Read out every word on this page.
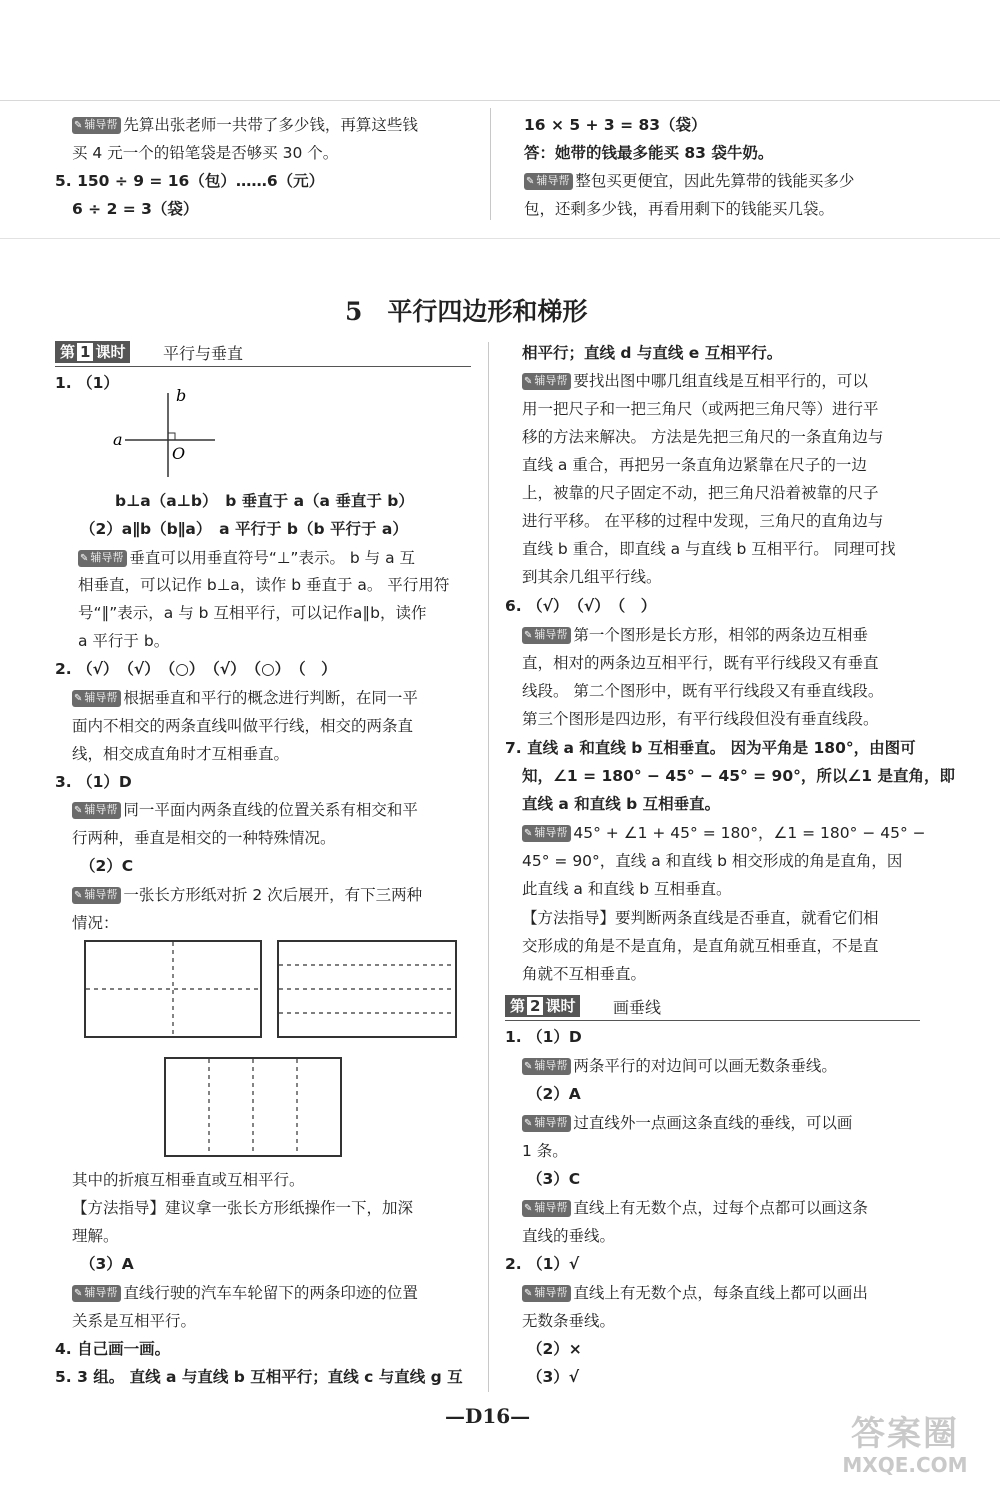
✎ 辅导帮 先算出张老师一共带了多少钱，再算这些钱
买 4 元一个的铅笔袋是否够买 30 个。
5. 150 ÷ 9 = 16（包）……6（元）
6 ÷ 2 = 3（袋）
16 × 5 + 3 = 83（袋）
答：她带的钱最多能买 83 袋牛奶。
✎ 辅导帮 整包买更便宜，因此先算带的钱能买多少
包，还剩多少钱，再看用剩下的钱能买几袋。
5　平行四边形和梯形
第 1 课时	平行与垂直
1. （1）
b
a
O
b⊥a（a⊥b）　b 垂直于 a（a 垂直于 b）
（2）a∥b（b∥a）　a 平行于 b（b 平行于 a）
✎ 辅导帮 垂直可以用垂直符号“⊥”表示。 b 与 a 互
相垂直，可以记作 b⊥a，读作 b 垂直于 a。 平行用符
号“∥”表示，a 与 b 互相平行，可以记作a∥b，读作
a 平行于 b。
2. （√）　（√）　（○）　（√）　（○）　（　）
✎ 辅导帮 根据垂直和平行的概念进行判断，在同一平
面内不相交的两条直线叫做平行线，相交的两条直
线，相交成直角时才互相垂直。
3. （1）D
✎ 辅导帮 同一平面内两条直线的位置关系有相交和平
行两种，垂直是相交的一种特殊情况。
（2）C
✎ 辅导帮 一张长方形纸对折 2 次后展开，有下三两种
情况：
其中的折痕互相垂直或互相平行。
【方法指导】建议拿一张长方形纸操作一下，加深
理解。
（3）A
✎ 辅导帮 直线行驶的汽车车轮留下的两条印迹的位置
关系是互相平行。
4. 自己画一画。
5. 3 组。 直线 a 与直线 b 互相平行；直线 c 与直线 g 互
相平行；直线 d 与直线 e 互相平行。
✎ 辅导帮 要找出图中哪几组直线是互相平行的，可以
用一把尺子和一把三角尺（或两把三角尺等）进行平
移的方法来解决。 方法是先把三角尺的一条直角边与
直线 a 重合，再把另一条直角边紧靠在尺子的一边
上，被靠的尺子固定不动，把三角尺沿着被靠的尺子
进行平移。 在平移的过程中发现，三角尺的直角边与
直线 b 重合，即直线 a 与直线 b 互相平行。 同理可找
到其余几组平行线。
6. （√）　（√）　（　）
✎ 辅导帮 第一个图形是长方形，相邻的两条边互相垂
直，相对的两条边互相平行，既有平行线段又有垂直
线段。 第二个图形中，既有平行线段又有垂直线段。
第三个图形是四边形，有平行线段但没有垂直线段。
7. 直线 a 和直线 b 互相垂直。 因为平角是 180°，由图可
知，∠1 = 180° − 45° − 45° = 90°，所以∠1 是直角，即
直线 a 和直线 b 互相垂直。
✎ 辅导帮 45° + ∠1 + 45° = 180°，∠1 = 180° − 45° −
45° = 90°，直线 a 和直线 b 相交形成的角是直角，因
此直线 a 和直线 b 互相垂直。
【方法指导】要判断两条直线是否垂直，就看它们相
交形成的角是不是直角，是直角就互相垂直，不是直
角就不互相垂直。
第 2 课时	画垂线
1. （1）D
✎ 辅导帮 两条平行的对边间可以画无数条垂线。
（2）A
✎ 辅导帮 过直线外一点画这条直线的垂线，可以画
1 条。
（3）C
✎ 辅导帮 直线上有无数个点，过每个点都可以画这条
直线的垂线。
2. （1）√
✎ 辅导帮 直线上有无数个点，每条直线上都可以画出
无数条垂线。
（2）×
（3）√
—D16—	答案圈
MXQE.COM
